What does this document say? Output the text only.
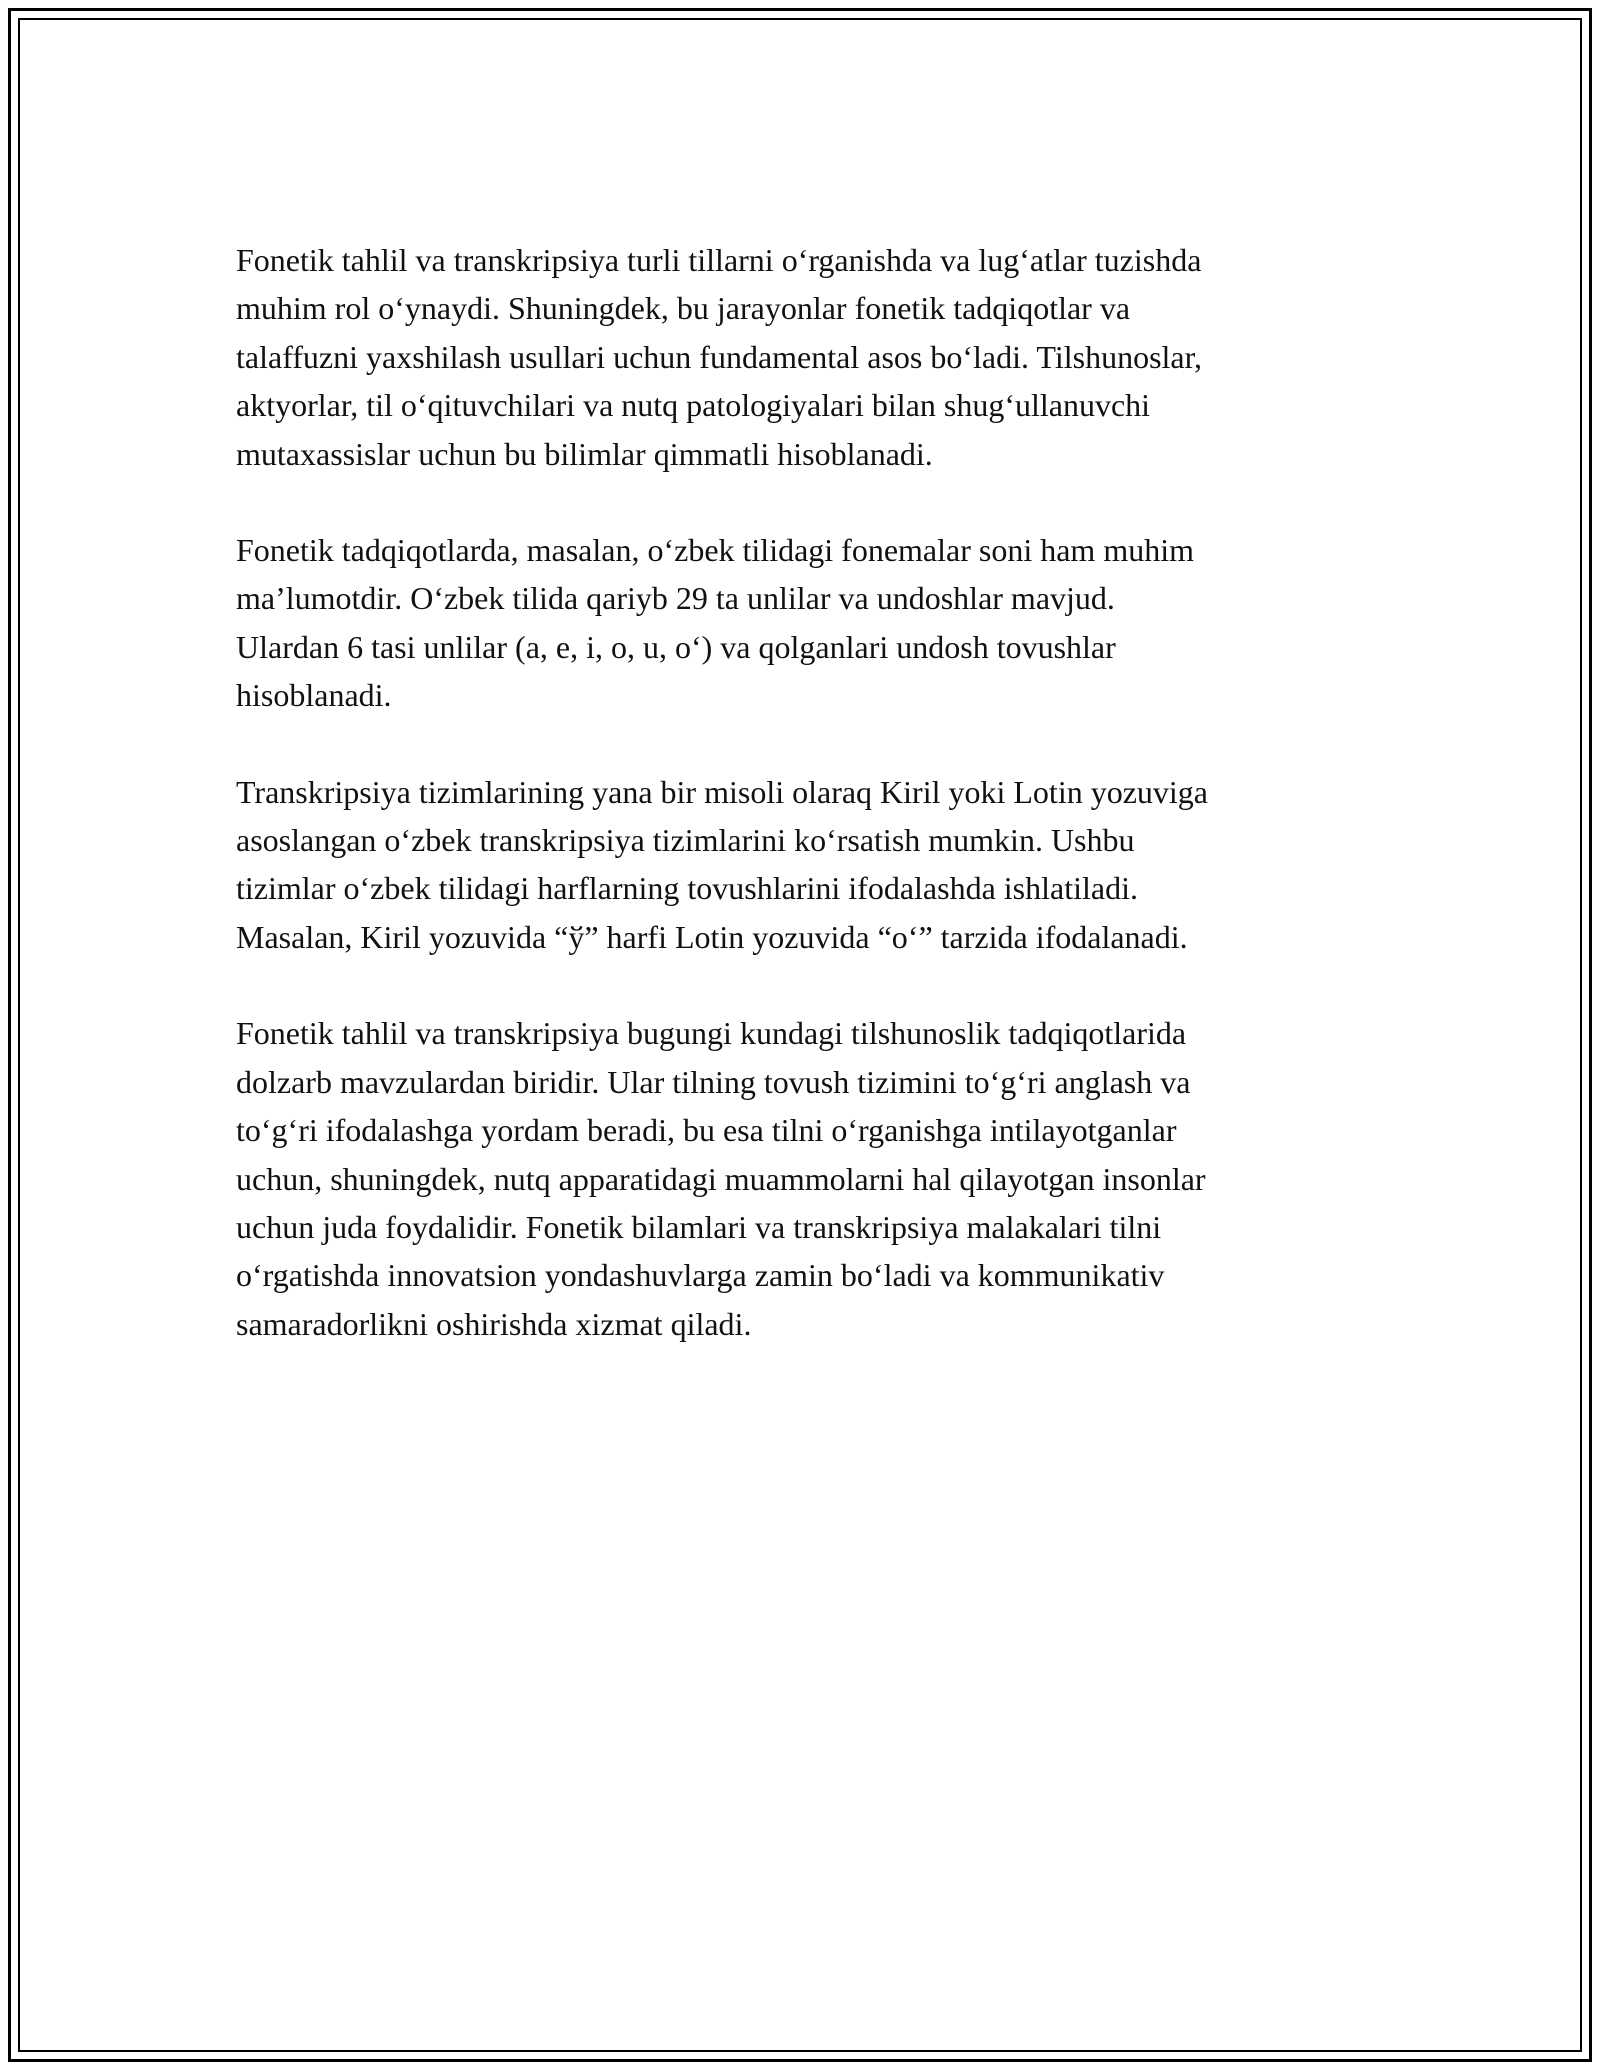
Fonetik tahlil va transkripsiya turli tillarni o‘rganishda va lug‘atlar tuzishda
muhim rol o‘ynaydi. Shuningdek, bu jarayonlar fonetik tadqiqotlar va
talaffuzni yaxshilash usullari uchun fundamental asos bo‘ladi. Tilshunoslar,
aktyorlar, til o‘qituvchilari va nutq patologiyalari bilan shug‘ullanuvchi
mutaxassislar uchun bu bilimlar qimmatli hisoblanadi.

Fonetik tadqiqotlarda, masalan, o‘zbek tilidagi fonemalar soni ham muhim
ma’lumotdir. O‘zbek tilida qariyb 29 ta unlilar va undoshlar mavjud.
Ulardan 6 tasi unlilar (a, e, i, o, u, o‘) va qolganlari undosh tovushlar
hisoblanadi.

Transkripsiya tizimlarining yana bir misoli olaraq Kiril yoki Lotin yozuviga
asoslangan o‘zbek transkripsiya tizimlarini ko‘rsatish mumkin. Ushbu
tizimlar o‘zbek tilidagi harflarning tovushlarini ifodalashda ishlatiladi.
Masalan, Kiril yozuvida “ў” harfi Lotin yozuvida “o‘” tarzida ifodalanadi.

Fonetik tahlil va transkripsiya bugungi kundagi tilshunoslik tadqiqotlarida
dolzarb mavzulardan biridir. Ular tilning tovush tizimini to‘g‘ri anglash va
to‘g‘ri ifodalashga yordam beradi, bu esa tilni o‘rganishga intilayotganlar
uchun, shuningdek, nutq apparatidagi muammolarni hal qilayotgan insonlar
uchun juda foydalidir. Fonetik bilamlari va transkripsiya malakalari tilni
o‘rgatishda innovatsion yondashuvlarga zamin bo‘ladi va kommunikativ
samaradorlikni oshirishda xizmat qiladi.
